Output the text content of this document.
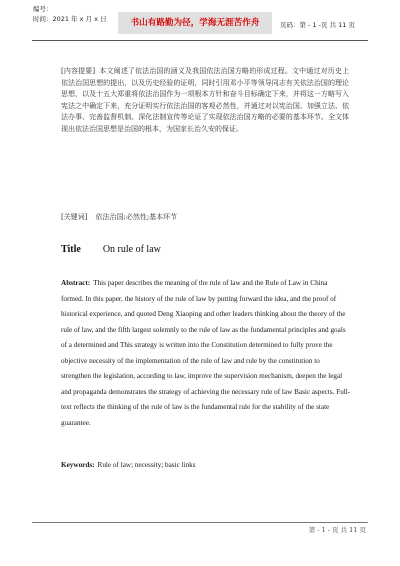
编号：
时间：2021 年 x 月 x 日	书山有路勤为径，学海无涯苦作舟	页码：第 - 1 -页 共 11 页
[内容提要] 本文阐述了依法治国的涵义及我国依法治国方略的形成过程。文中通过对历史上依法治国思想的提出，以及历史经验的证明，同时引用邓小平等领导同志有关依法治国的理论思想，以及十五大郑重将依法治国作为一项根本方针和奋斗目标确定下来，并将这一方略写入宪法之中确定下来，充分证明实行依法治国的客观必然性，并通过对以宪治国、加强立法、依法办事、完善监督机制、深化法制宣传等论证了实现依法治国方略的必要的基本环节。全文体现出依法治国思想是治国的根本，为国家长治久安的保证。
[关键词] 依法治国;必然性;基本环节
Title On rule of law
Abstract: This paper describes the meaning of the rule of law and the Rule of Law in China formed. In this paper, the history of the rule of law by putting forward the idea, and the proof of historical experience, and quoted Deng Xiaoping and other leaders thinking about the theory of the rule of law, and the fifth largest solemnly to the rule of law as the fundamental principles and goals of a determined and This strategy is written into the Constitution determined to fully prove the objective necessity of the implementation of the rule of law and rule by the constitution to strengthen the legislation, according to law, improve the supervision mechanism, deepen the legal and propaganda demonstrates the strategy of achieving the necessary rule of law Basic aspects. Full-text reflects the thinking of the rule of law is the fundamental rule for the stability of the state guarantee.
Keywords: Rule of law; necessity; basic links
第 - 1 - 页 共 11 页
